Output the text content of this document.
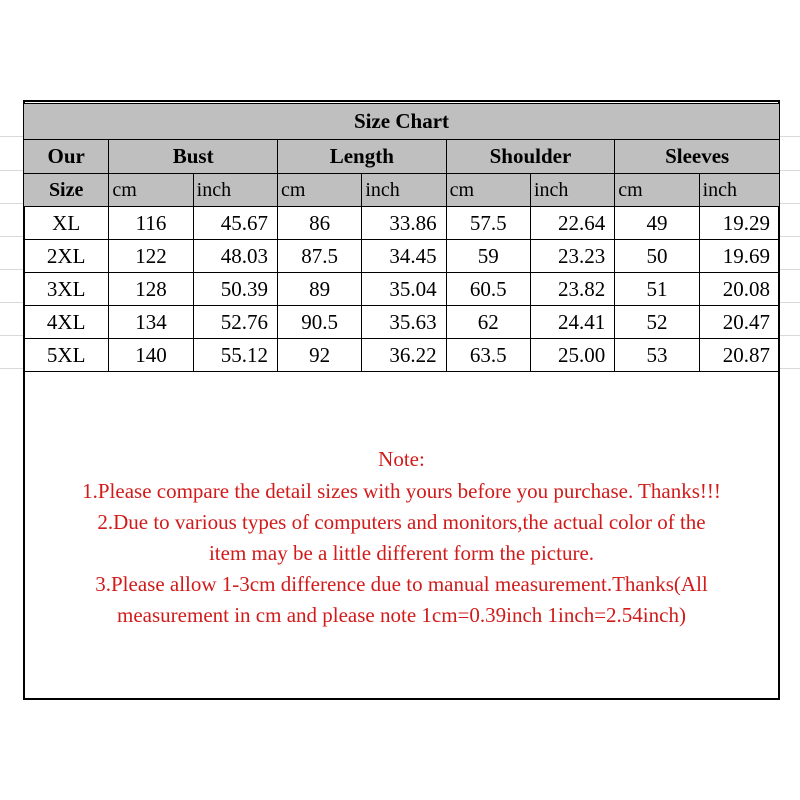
Size Chart								
Our	Bust		Length		Shoulder		Sleeves	
Size	cm	inch	cm	inch	cm	inch	cm	inch
XL	116	45.67	86	33.86	57.5	22.64	49	19.29
2XL	122	48.03	87.5	34.45	59	23.23	50	19.69
3XL	128	50.39	89	35.04	60.5	23.82	51	20.08
4XL	134	52.76	90.5	35.63	62	24.41	52	20.47
5XL	140	55.12	92	36.22	63.5	25.00	53	20.87
Note:
1.Please compare the detail sizes with yours before you purchase. Thanks!!!
2.Due to various types of computers and monitors,the actual color of the
item may be a little different form the picture.
3.Please allow 1-3cm difference due to manual measurement.Thanks(All
measurement in cm and please note 1cm=0.39inch 1inch=2.54inch)
